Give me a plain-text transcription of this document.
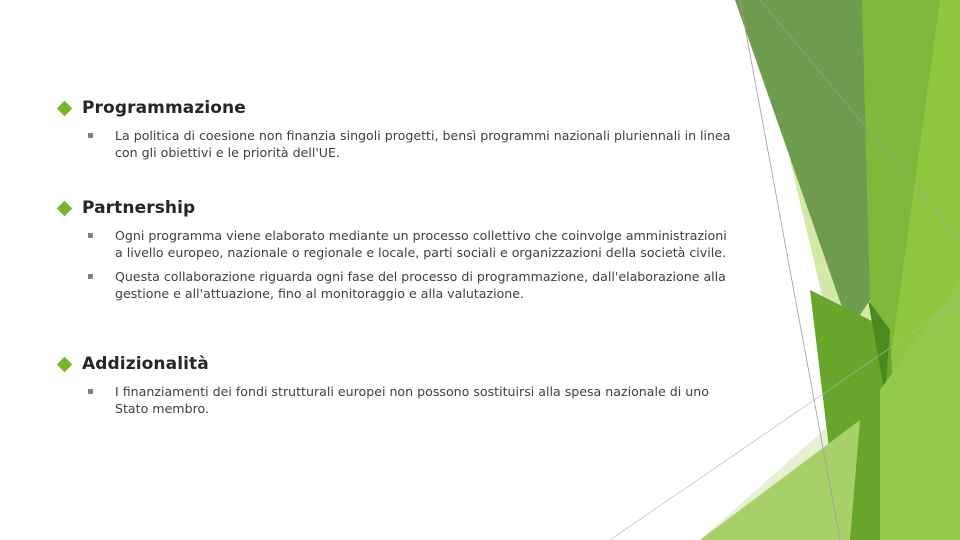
Programmazione
▪ La politica di coesione non finanzia singoli progetti, bensì programmi nazionali pluriennali in linea con gli obiettivi e le priorità dell'UE.
Partnership
▪ Ogni programma viene elaborato mediante un processo collettivo che coinvolge amministrazioni a livello europeo, nazionale o regionale e locale, parti sociali e organizzazioni della società civile.
▪ Questa collaborazione riguarda ogni fase del processo di programmazione, dall'elaborazione alla gestione e all'attuazione, fino al monitoraggio e alla valutazione.
Addizionalità
▪ I finanziamenti dei fondi strutturali europei non possono sostituirsi alla spesa nazionale di uno Stato membro.
